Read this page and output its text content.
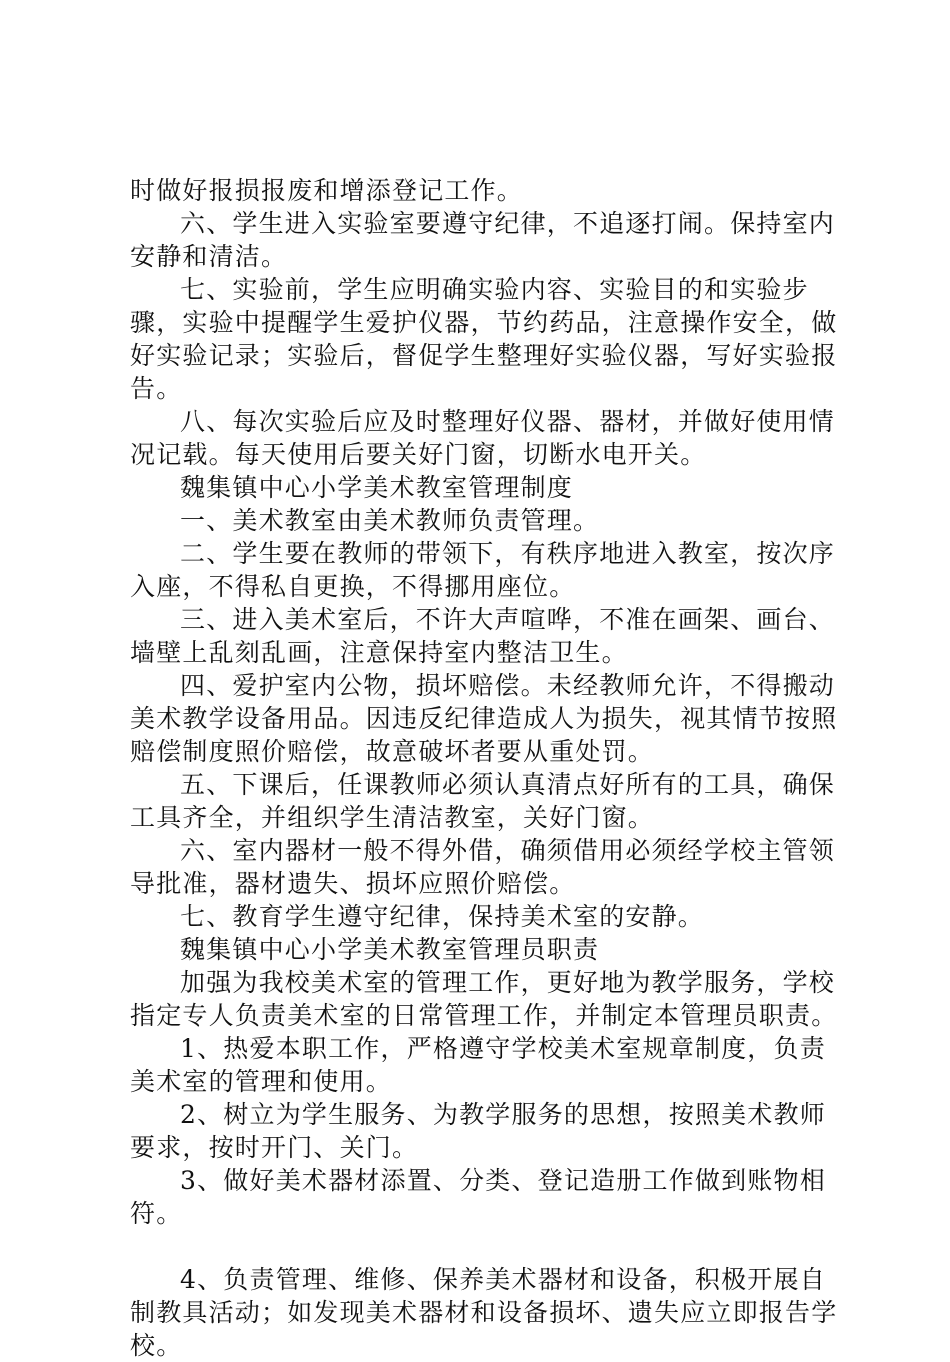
时做好报损报废和增添登记工作。

六、学生进入实验室要遵守纪律，不追逐打闹。保持室内安静和清洁。

七、实验前，学生应明确实验内容、实验目的和实验步骤，实验中提醒学生爱护仪器，节约药品，注意操作安全，做好实验记录；实验后，督促学生整理好实验仪器，写好实验报告。

八、每次实验后应及时整理好仪器、器材，并做好使用情况记载。每天使用后要关好门窗，切断水电开关。

魏集镇中心小学美术教室管理制度

一、美术教室由美术教师负责管理。

二、学生要在教师的带领下，有秩序地进入教室，按次序入座，不得私自更换，不得挪用座位。

三、进入美术室后，不许大声喧哗，不准在画架、画台、墙壁上乱刻乱画，注意保持室内整洁卫生。

四、爱护室内公物，损坏赔偿。未经教师允许，不得搬动美术教学设备用品。因违反纪律造成人为损失，视其情节按照赔偿制度照价赔偿，故意破坏者要从重处罚。

五、下课后，任课教师必须认真清点好所有的工具，确保工具齐全，并组织学生清洁教室，关好门窗。

六、室内器材一般不得外借，确须借用必须经学校主管领导批准，器材遗失、损坏应照价赔偿。

七、教育学生遵守纪律，保持美术室的安静。

魏集镇中心小学美术教室管理员职责

加强为我校美术室的管理工作，更好地为教学服务，学校指定专人负责美术室的日常管理工作，并制定本管理员职责。

1、热爱本职工作，严格遵守学校美术室规章制度，负责美术室的管理和使用。

2、树立为学生服务、为教学服务的思想，按照美术教师要求，按时开门、关门。

3、做好美术器材添置、分类、登记造册工作做到账物相符。

4、负责管理、维修、保养美术器材和设备，积极开展自制教具活动；如发现美术器材和设备损坏、遗失应立即报告学校。
